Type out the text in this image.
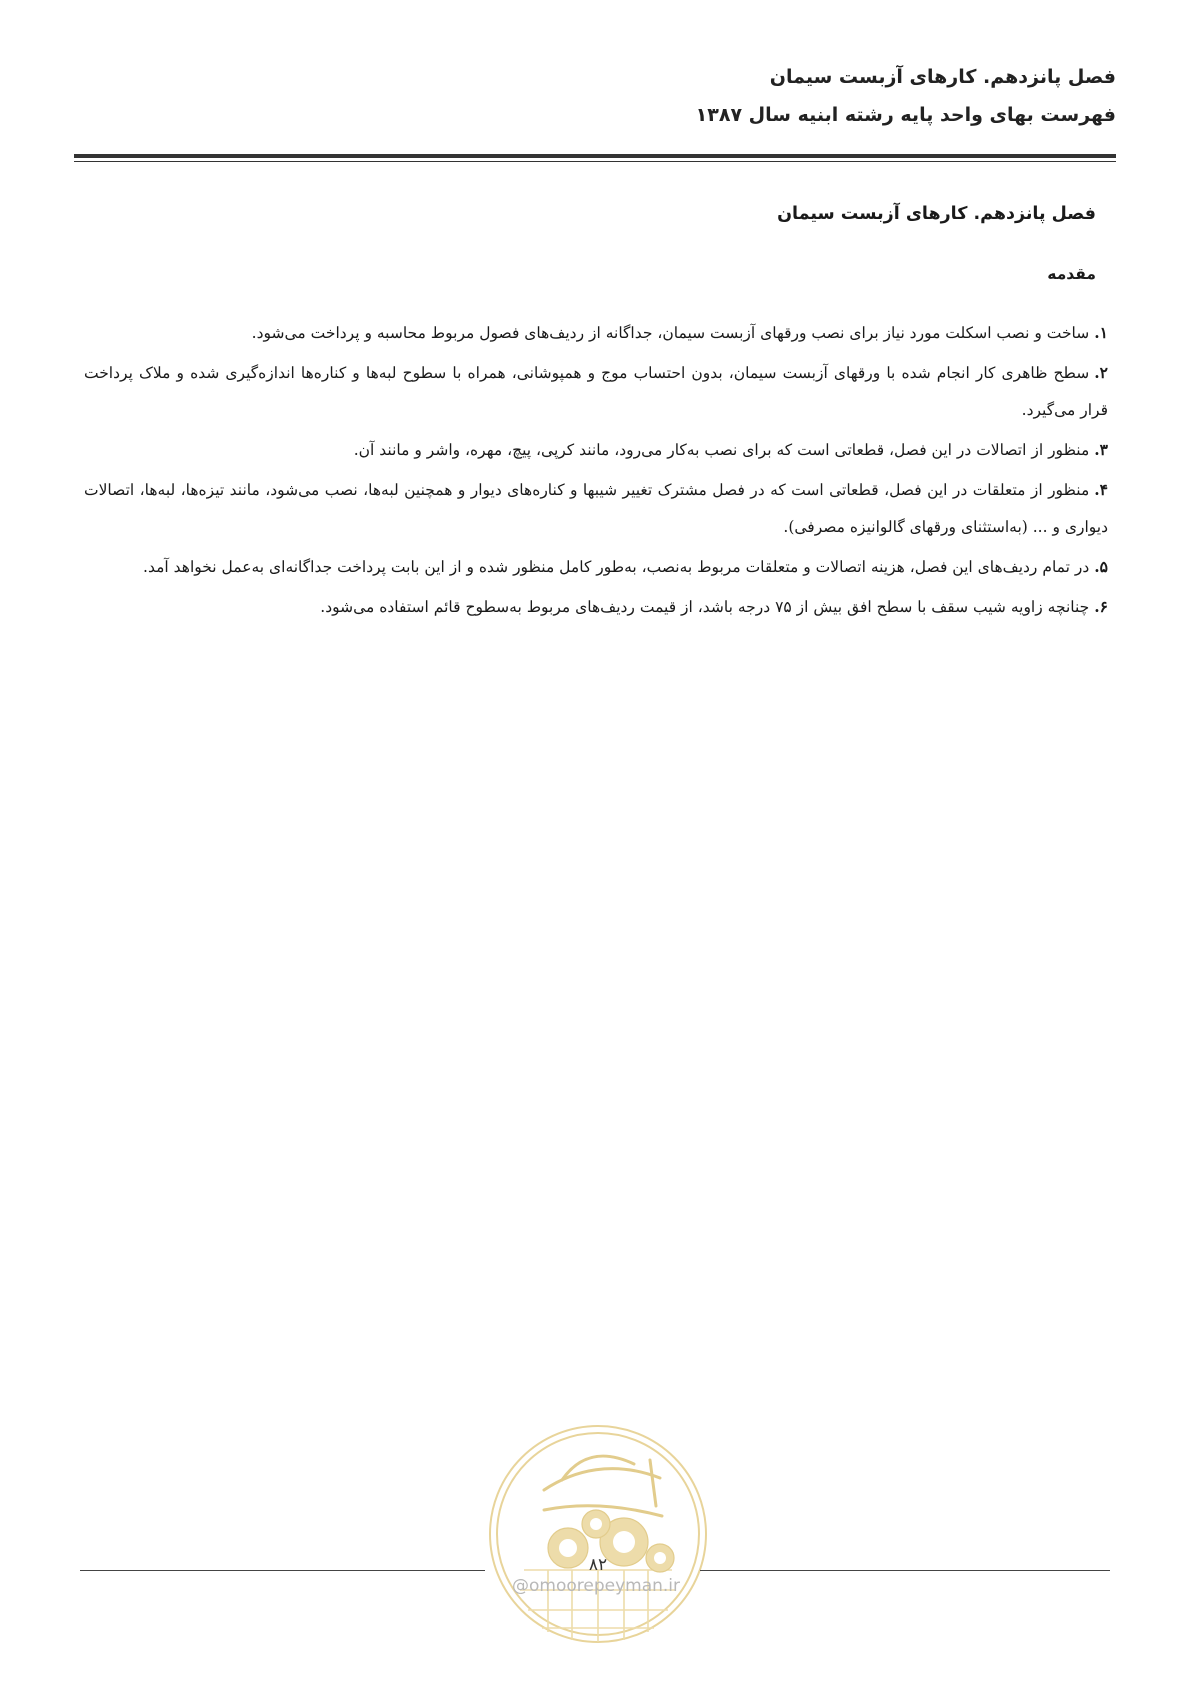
فصل پانزدهم. کارهای آزبست سیمان
فهرست بهای واحد پایه رشته ابنیه سال ۱۳۸۷
فصل پانزدهم. کارهای آزبست سیمان
مقدمه
۱.ساخت و نصب اسکلت مورد نیاز برای نصب ورقهای آزبست سیمان، جداگانه از ردیف‌های فصول مربوط محاسبه و پرداخت می‌شود.
۲.سطح ظاهری کار انجام شده با ورقهای آزبست سیمان، بدون احتساب موج و همپوشانی، همراه با سطوح لبه‌ها و کناره‌ها اندازه‌گیری شده و ملاک پرداخت قرار می‌گیرد.
۳.منظور از اتصالات در این فصل، قطعاتی است که برای نصب به‌کار می‌رود، مانند کرپی، پیچ، مهره، واشر و مانند آن.
۴.منظور از متعلقات در این فصل، قطعاتی است که در فصل مشترک تغییر شیبها و کناره‌های دیوار و همچنین لبه‌ها، نصب می‌شود، مانند تیزه‌ها، لبه‌ها، اتصالات دیواری و ... (به‌استثنای ورقهای گالوانیزه مصرفی).
۵.در تمام ردیف‌های این فصل، هزینه اتصالات و متعلقات مربوط به‌نصب، به‌طور کامل منظور شده و از این بابت پرداخت جداگانه‌ای به‌عمل نخواهد آمد.
۶.چنانچه زاویه شیب سقف با سطح افق بیش از ۷۵ درجه باشد، از قیمت ردیف‌های مربوط به‌سطوح قائم استفاده می‌شود.
۸۲
@omoorepeyman.ir
